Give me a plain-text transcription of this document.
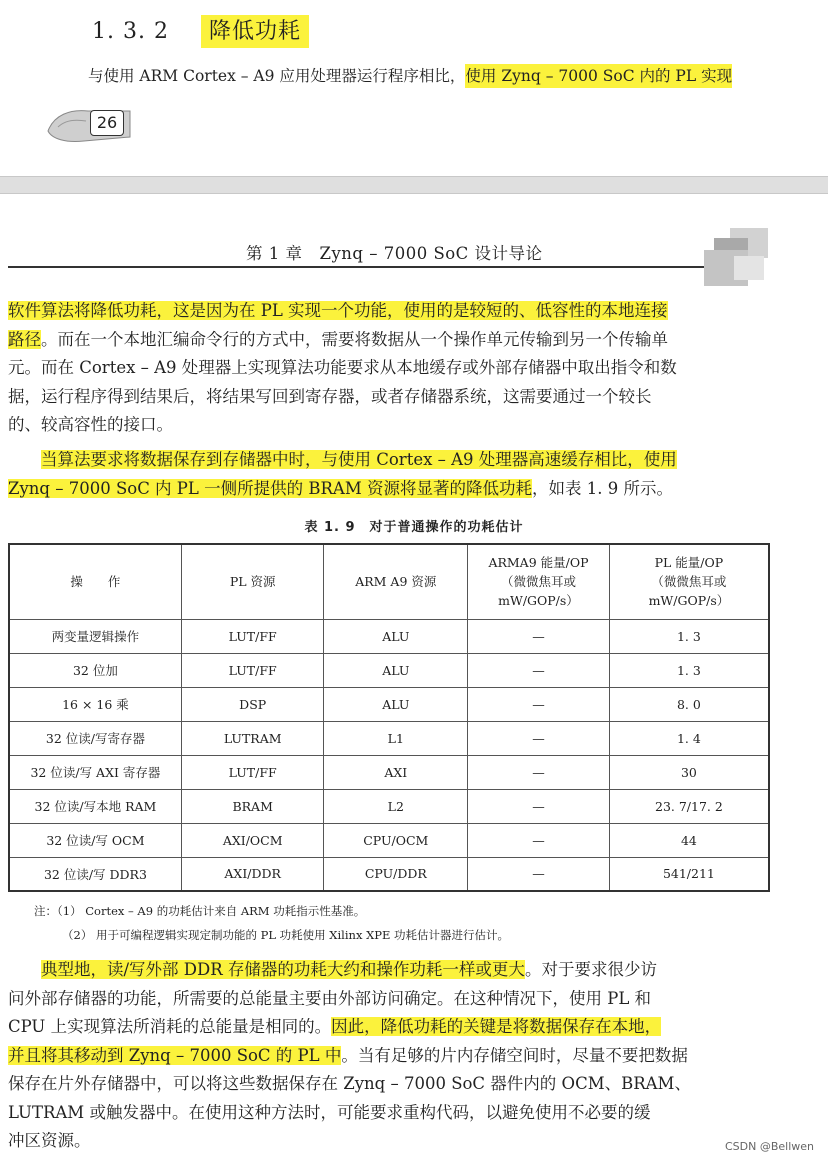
1. 3. 2 降低功耗
与使用 ARM Cortex – A9 应用处理器运行程序相比，使用 Zynq – 7000 SoC 内的 PL 实现
26
第 1 章　Zynq – 7000 SoC 设计导论
软件算法将降低功耗，这是因为在 PL 实现一个功能，使用的是较短的、低容性的本地连接
路径。而在一个本地汇编命令行的方式中，需要将数据从一个操作单元传输到另一个传输单
元。而在 Cortex – A9 处理器上实现算法功能要求从本地缓存或外部存储器中取出指令和数
据，运行程序得到结果后，将结果写回到寄存器，或者存储器系统，这需要通过一个较长
的、较高容性的接口。
当算法要求将数据保存到存储器中时，与使用 Cortex – A9 处理器高速缓存相比，使用
Zynq – 7000 SoC 内 PL 一侧所提供的 BRAM 资源将显著的降低功耗，如表 1. 9 所示。
表 1. 9　对于普通操作的功耗估计
操　　作	PL 资源	ARM A9 资源	ARMA9 能量/OP
（微微焦耳或
mW/GOP/s）	PL 能量/OP
（微微焦耳或
mW/GOP/s）
两变量逻辑操作	LUT/FF	ALU	—	1. 3
32 位加	LUT/FF	ALU	—	1. 3
16 × 16 乘	DSP	ALU	—	8. 0
32 位读/写寄存器	LUTRAM	L1	—	1. 4
32 位读/写 AXI 寄存器	LUT/FF	AXI	—	30
32 位读/写本地 RAM	BRAM	L2	—	23. 7/17. 2
32 位读/写 OCM	AXI/OCM	CPU/OCM	—	44
32 位读/写 DDR3	AXI/DDR	CPU/DDR	—	541/211
注：（1） Cortex – A9 的功耗估计来自 ARM 功耗指示性基准。
（2） 用于可编程逻辑实现定制功能的 PL 功耗使用 Xilinx XPE 功耗估计器进行估计。
典型地，读/写外部 DDR 存储器的功耗大约和操作功耗一样或更大。对于要求很少访
问外部存储器的功能，所需要的总能量主要由外部访问确定。在这种情况下，使用 PL 和
CPU 上实现算法所消耗的总能量是相同的。因此，降低功耗的关键是将数据保存在本地，
并且将其移动到 Zynq – 7000 SoC 的 PL 中。当有足够的片内存储空间时，尽量不要把数据
保存在片外存储器中，可以将这些数据保存在 Zynq – 7000 SoC 器件内的 OCM、BRAM、
LUTRAM 或触发器中。在使用这种方法时，可能要求重构代码，以避免使用不必要的缓
冲区资源。	CSDN @Bellwen
